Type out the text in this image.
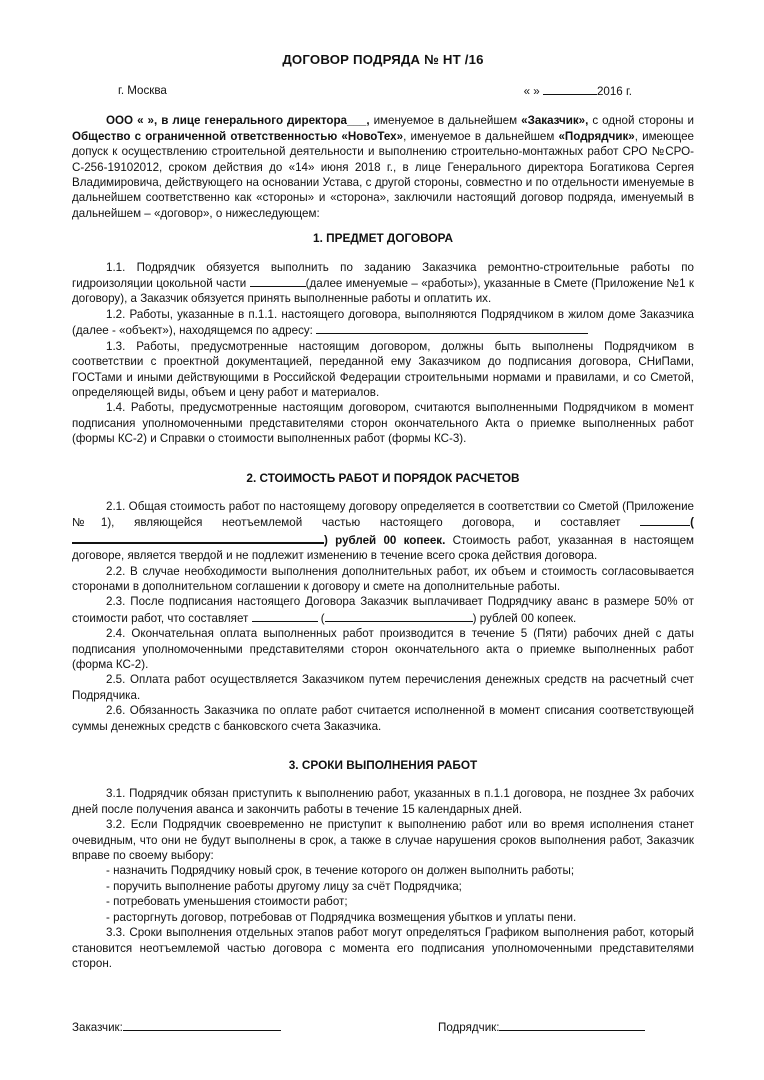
ДОГОВОР ПОДРЯДА № НТ /16
г. Москва	« »	2016 г.

ООО « », в лице генерального директора___, именуемое в дальнейшем «Заказчик», с одной стороны и Общество с ограниченной ответственностью «НовоТех», именуемое в дальнейшем «Подрядчик», имеющее допуск к осуществлению строительной деятельности и выполнению строительно-монтажных работ СРО №СРО-С-256-19102012, сроком действия до «14» июня 2018 г., в лице Генерального директора Богатикова Сергея Владимировича, действующего на основании Устава, с другой стороны, совместно и по отдельности именуемые в дальнейшем соответственно как «стороны» и «сторона», заключили настоящий договор подряда, именуемый в дальнейшем – «договор», о нижеследующем:

1. ПРЕДМЕТ ДОГОВОРА

1.1. Подрядчик обязуется выполнить по заданию Заказчика ремонтно-строительные работы по гидроизоляции цокольной части	(далее именуемые – «работы»), указанные в Смете (Приложение №1 к договору), а Заказчик обязуется принять выполненные работы и оплатить их.

1.2. Работы, указанные в п.1.1. настоящего договора, выполняются Подрядчиком в жилом доме Заказчика (далее - «объект»), находящемся по адресу:

1.3. Работы, предусмотренные настоящим договором, должны быть выполнены Подрядчиком в соответствии с проектной документацией, переданной ему Заказчиком до подписания договора, СНиПами, ГОСТами и иными действующими в Российской Федерации строительными нормами и правилами, и со Сметой, определяющей виды, объем и цену работ и материалов.

1.4. Работы, предусмотренные настоящим договором, считаются выполненными Подрядчиком в момент подписания уполномоченными представителями сторон окончательного Акта о приемке выполненных работ (формы КС-2) и Справки о стоимости выполненных работ (формы КС-3).

2. СТОИМОСТЬ РАБОТ И ПОРЯДОК РАСЧЕТОВ

2.1. Общая стоимость работ по настоящему договору определяется в соответствии со Сметой (Приложение №1), являющейся неотъемлемой частью настоящего договора, и составляет	() рублей 00 копеек. Стоимость работ, указанная в настоящем договоре, является твердой и не подлежит изменению в течение всего срока действия договора.

2.2. В случае необходимости выполнения дополнительных работ, их объем и стоимость согласовывается сторонами в дополнительном соглашении к договору и смете на дополнительные работы.

2.3. После подписания настоящего Договора Заказчик выплачивает Подрядчику аванс в размере 50% от стоимости работ, что составляет	(	) рублей 00 копеек.

2.4. Окончательная оплата выполненных работ производится в течение 5 (Пяти) рабочих дней с даты подписания уполномоченными представителями сторон окончательного акта о приемке выполненных работ (форма КС-2).

2.5. Оплата работ осуществляется Заказчиком путем перечисления денежных средств на расчетный счет Подрядчика.

2.6. Обязанность Заказчика по оплате работ считается исполненной в момент списания соответствующей суммы денежных средств с банковского счета Заказчика.

3. СРОКИ ВЫПОЛНЕНИЯ РАБОТ

3.1. Подрядчик обязан приступить к выполнению работ, указанных в п.1.1 договора, не позднее 3х рабочих дней после получения аванса и закончить работы в течение 15 календарных дней.

3.2. Если Подрядчик своевременно не приступит к выполнению работ или во время исполнения станет очевидным, что они не будут выполнены в срок, а также в случае нарушения сроков выполнения работ, Заказчик вправе по своему выбору:

- назначить Подрядчику новый срок, в течение которого он должен выполнить работы;

- поручить выполнение работы другому лицу за счёт Подрядчика;

- потребовать уменьшения стоимости работ;

- расторгнуть договор, потребовав от Подрядчика возмещения убытков и уплаты пени.

3.3. Сроки выполнения отдельных этапов работ могут определяться Графиком выполнения работ, который становится неотъемлемой частью договора с момента его подписания уполномоченными представителями сторон.

Заказчик:	Подрядчик:
